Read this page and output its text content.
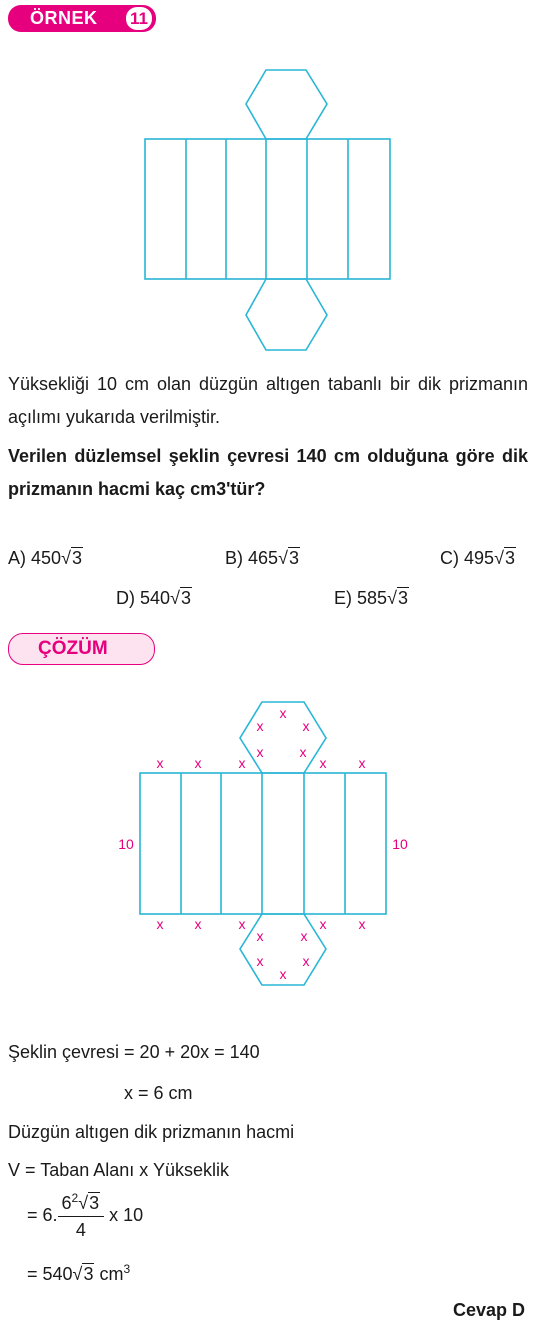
ÖRNEK 11
Yüksekliği 10 cm olan düzgün altıgen tabanlı bir dik prizmanın açılımı yukarıda verilmiştir.
Verilen düzlemsel şeklin çevresi 140 cm olduğuna göre dik prizmanın hacmi kaç cm3'tür?
A) 450√3	B) 465√3	C) 495√3
D) 540√3	E) 585√3
ÇÖZÜM
x
x	x
x	x
x x	x	x x
x x	x	x x
x	x
x	x
x
10	10
Şeklin çevresi = 20 + 20x = 140
x = 6 cm
Düzgün altıgen dik prizmanın hacmi
V = Taban Alanı x Yükseklik
= 6. $\frac{6^2√3}{4}$ x 10
= 540√3 $cm^3$
Cevap D
